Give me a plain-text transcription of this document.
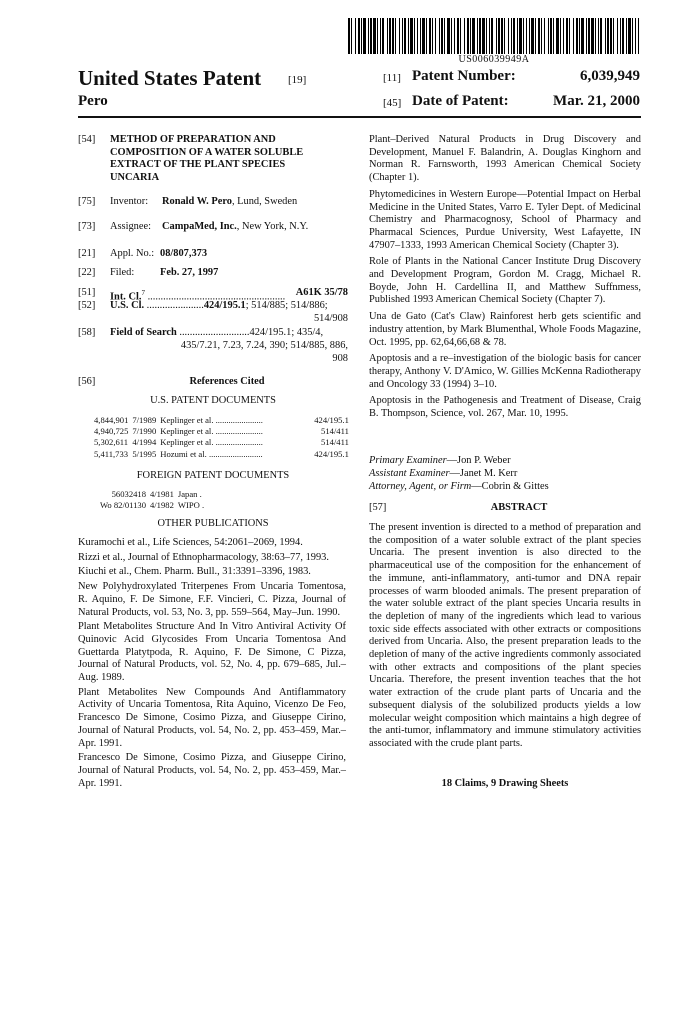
US006039949A
United States Patent [19]
Pero
[11] Patent Number:	6,039,949
[45] Date of Patent:	Mar. 21, 2000
[54]	METHOD OF PREPARATION AND
COMPOSITION OF A WATER SOLUBLE
EXTRACT OF THE PLANT SPECIES
UNCARIA
[75]	Inventor:	Ronald W. Pero, Lund, Sweden
[73]	Assignee:	CampaMed, Inc., New York, N.Y.
[21]	Appl. No.: 08/807,373
[22]	Filed:	Feb. 27, 1997
[51]	Int. Cl.$^7$ .....................................................	A61K 35/78
[52]	U.S. Cl. ......................424/195.1; 514/885; 514/886;
514/908
[58]	Field of Search ...........................424/195.1; 435/4,
435/7.21, 7.23, 7.24, 390; 514/885, 886,
908
[56]	References Cited
U.S. PATENT DOCUMENTS
4,844,901	7/1989	Keplinger et al. ......................	424/195.1
4,940,725	7/1990	Keplinger et al. ......................	514/411
5,302,611	4/1994	Keplinger et al. ......................	514/411
5,411,733	5/1995	Hozumi et al. .........................	424/195.1
FOREIGN PATENT DOCUMENTS
56032418	4/1981	Japan .
Wo 82/01130	4/1982	WIPO .
OTHER PUBLICATIONS
Kuramochi et al., Life Sciences, 54:2061–2069, 1994.
Rizzi et al., Journal of Ethnopharmacology, 38:63–77, 1993.
Kiuchi et al., Chem. Pharm. Bull., 31:3391–3396, 1983.
New Polyhydroxylated Triterpenes From Uncaria Tomentosa, R. Aquino, F. De Simone, F.F. Vincieri, C. Pizza, Journal of Natural Products, vol. 53, No. 3, pp. 559–564, May–Jun. 1990.
Plant Metabolites Structure And In Vitro Antiviral Activity Of Quinovic Acid Glycosides From Uncaria Tomentosa And Guettarda Platytpoda, R. Aquino, F. De Simone, C Pizza, Journal of Natural Products, vol. 52, No. 4, pp. 679–685, Jul.–Aug. 1989.
Plant Metabolites New Compounds And Antiflammatory Activity of Uncaria Tomentosa, Rita Aquino, Vicenzo De Feo, Francesco De Simone, Cosimo Pizza, and Giuseppe Cirino, Journal of Natural Products, vol. 54, No. 2, pp. 453–459, Mar.–Apr. 1991.
Francesco De Simone, Cosimo Pizza, and Giuseppe Cirino, Journal of Natural Products, vol. 54, No. 2, pp. 453–459, Mar.–Apr. 1991.
Plant–Derived Natural Products in Drug Discovery and Development, Manuel F. Balandrin, A. Douglas Kinghorn and Norman R. Farnsworth, 1993 American Chemical Society (Chapter 1).
Phytomedicines in Western Europe—Potential Impact on Herbal Medicine in the United States, Varro E. Tyler Dept. of Medicinal Chemistry and Pharmacognosy, School of Pharmacy and Pharmacal Sciences, Purdue University, West Lafayette, IN 47907–1333, 1993 American Chemical Society (Chapter 3).
Role of Plants in the National Cancer Institute Drug Discovery and Development Program, Gordon M. Cragg, Michael R. Boyde, John H. Cardellina II, and Matthew Suffnmess, Published 1993 American Chemical Society (Chapter 7).
Una de Gato (Cat's Claw) Rainforest herb gets scientific and industry attention, by Mark Blumenthal, Whole Foods Magazine, Oct. 1995, pp. 62,64,66,68 & 78.
Apoptosis and a re–investigation of the biologic basis for cancer therapy, Anthony V. D'Amico, W. Gillies McKenna Radiotherapy and Oncology 33 (1994) 3–10.
Apoptosis in the Pathogenesis and Treatment of Disease, Craig B. Thompson, Science, vol. 267, Mar. 10, 1995.
Primary Examiner—Jon P. Weber
Assistant Examiner—Janet M. Kerr
Attorney, Agent, or Firm—Cobrin & Gittes
[57]	ABSTRACT
The present invention is directed to a method of preparation and the composition of a water soluble extract of the plant species Uncaria. The present invention is also directed to the pharmaceutical use of the composition for the enhancement of the immune, anti-inflammatory, anti-tumor and DNA repair processes of warm blooded animals. The present preparation of the water soluble extract of the plant species Uncaria results in the depletion of many of the ingredients which lead to various toxic side effects associated with other extracts or compositions derived from Uncaria. Also, the present preparation leads to the depletion of many of the active ingredients commonly associated with other extracts and compositions of the plant species Uncaria. Therefore, the present invention teaches that the hot water extraction of the crude plant parts of Uncaria and the subsequent dialysis of the solubilized products yields a low molecular weight composition which maintains a high degree of the anti-tumor, inflammatory and immune stimulatory activities associated with the crude plant parts.
18 Claims, 9 Drawing Sheets
